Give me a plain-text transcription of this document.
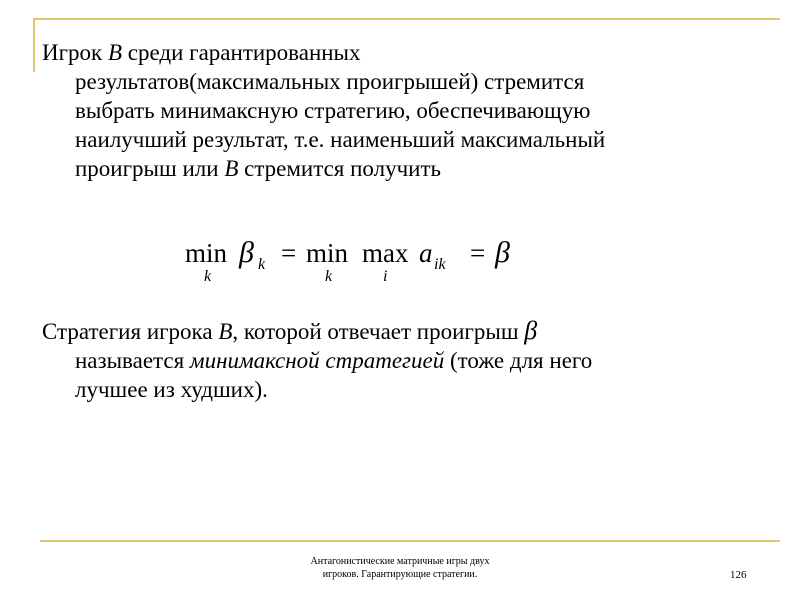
Игрок B среди гарантированных
результатов(максимальных проигрышей) стремится
выбрать минимаксную стратегию, обеспечивающую
наилучший результат, т.е. наименьший максимальный
проигрыш или B стремится получить
min
k
β k = min
k
max
i
a ik = β
Стратегия игрока B, которой отвечает проигрыш β
называется минимаксной стратегией (тоже для него
лучшее из худших).
Антагонистические матричные игры двух
игроков. Гарантирующие стратегии.	126
